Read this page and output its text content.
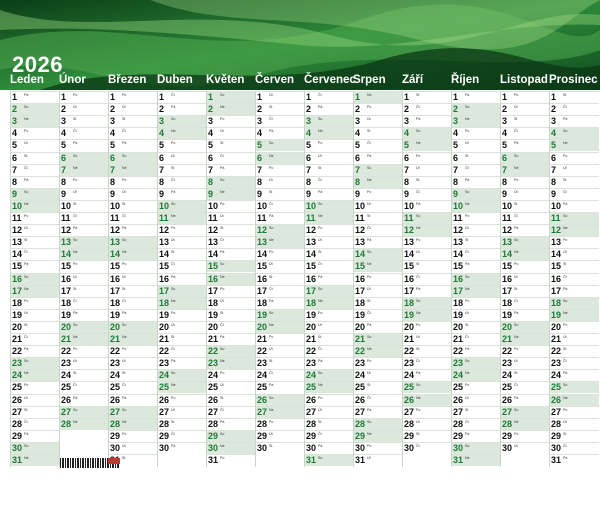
2026
Leden Únor Březen Duben Květen Červen Červenec
Srpen Září Říjen Listopad Prosinec
1 Pá
2 So
3 Ne
4 Po
5 Út
6 St
7 Čt
8 Pá
9 So
10 Ne
11 Po
12 Út
13 St
14 Čt
15 Pá
16 So
17 Ne
18 Po
19 Út
20 St
21 Čt
22 Pá
23 So
24 Ne
25 Po
26 Út
27 St
28 Čt
29 Pá
30 So
31 Ne
1 Po
2 Út
3 St
4 Čt
5 Pá
6 So
7 Ne
8 Po
9 Út
10 St
11 Čt
12 Pá
13 So
14 Ne
15 Po
16 Út
17 St
18 Čt
19 Pá
20 So
21 Ne
22 Po
23 Út
24 St
25 Čt
26 Pá
27 So
28 Ne
1 Po
2 Út
3 St
4 Čt
5 Pá
6 So
7 Ne
8 Po
9 Út
10 St
11 Čt
12 Pá
13 So
14 Ne
15 Po
16 Út
17 St
18 Čt
19 Pá
20 So
21 Ne
22 Po
23 Út
24 St
25 Čt
26 Pá
27 So
28 Ne
29 Po
30 Út
St
1 Čt
2 Pá
3 So
4 Ne
5 Po
6 Út
7 St
8 Čt
9 Pá
10 So
11 Ne
12 Po
13 Út
14 St
15 Čt
16 Pá
17 So
18 Ne
19 Po
20 Út
21 St
22 Čt
23 Pá
24 So
25 Ne
26 Po
27 Út
28 St
29 Čt
30 Pá
1 So
2 Ne
3 Po
4 Út
5 St
6 Čt
7 Pá
8 So
9 Ne
10 Po
11 Út
12 St
13 Čt
14 Pá
15 So
16 Ne
17 Po
18 Út
19 St
20 Čt
21 Pá
22 So
23 Ne
24 Po
25 Út
26 St
27 Čt
28 Pá
29 So
30 Ne
31 Po
1 Út
2 St
3 Čt
4 Pá
5 So
6 Ne
7 Po
8 Út
9 St
10 Čt
11 Pá
12 So
13 Ne
14 Po
15 Út
16 St
17 Čt
18 Pá
19 So
20 Ne
21 Po
22 Út
23 St
24 Čt
25 Pá
26 So
27 Ne
28 Po
29 Út
30 St
1 Čt
2 Pá
3 So
4 Ne
5 Po
6 Út
7 St
8 Čt
9 Pá
10 So
11 Ne
12 Po
13 Út
14 St
15 Čt
16 Pá
17 So
18 Ne
19 Po
20 Út
21 St
22 Čt
23 Pá
24 So
25 Ne
26 Po
27 Út
28 St
29 Čt
30 Pá
31 So
1 Ne
2 Po
3 Út
4 St
5 Čt
6 Pá
7 So
8 Ne
9 Po
10 Út
11 St
12 Čt
13 Pá
14 So
15 Ne
16 Po
17 Út
18 St
19 Čt
20 Pá
21 So
22 Ne
23 Po
24 Út
25 St
26 Čt
27 Pá
28 So
29 Ne
30 Po
31 Út
1 St
2 Čt
3 Pá
4 So
5 Ne
6 Po
7 Út
8 St
9 Čt
10 Pá
11 So
12 Ne
13 Po
14 Út
15 St
16 Čt
17 Pá
18 So
19 Ne
20 Po
21 Út
22 St
23 Čt
24 Pá
25 So
26 Ne
27 Po
28 Út
29 St
30 Čt
1 Pá
2 So
3 Ne
4 Po
5 Út
6 St
7 Čt
8 Pá
9 So
10 Ne
11 Po
12 Út
13 St
14 Čt
15 Pá
16 So
17 Ne
18 Po
19 Út
20 St
21 Čt
22 Pá
23 So
24 Ne
25 Po
26 Út
27 St
28 Čt
29 Pá
30 So
31 Ne
1 Po
2 Út
3 St
4 Čt
5 Pá
6 So
7 Ne
8 Po
9 Út
10 St
11 Čt
12 Pá
13 So
14 Ne
15 Po
16 Út
17 St
18 Čt
19 Pá
20 So
21 Ne
22 Po
23 Út
24 St
25 Čt
26 Pá
27 So
28 Ne
29 Po
30 Út
1 St
2 Čt
3 Pá
4 So
5 Ne
6 Po
7 Út
8 St
9 Čt
10 Pá
11 So
12 Ne
13 Po
14 Út
15 St
16 Čt
17 Pá
18 So
19 Ne
20 Po
21 Út
22 St
23 Čt
24 Pá
25 So
26 Ne
27 Po
28 Út
29 St
30 Čt
31 Pá
